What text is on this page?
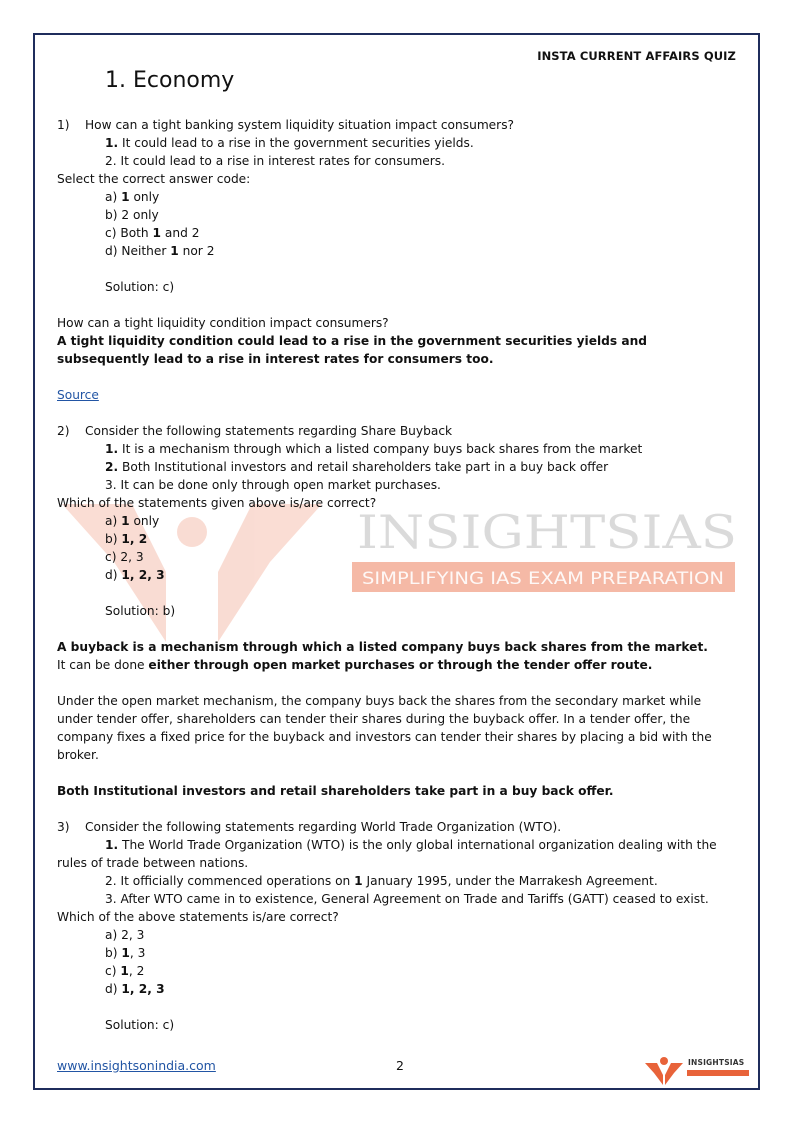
INSTA CURRENT AFFAIRS QUIZ
1. Economy
INSIGHTSIAS
SIMPLIFYING IAS EXAM PREPARATION

1) How can a tight banking system liquidity situation impact consumers?

1. It could lead to a rise in the government securities yields.

2. It could lead to a rise in interest rates for consumers.

Select the correct answer code:

a) 1 only

b) 2 only

c) Both 1 and 2

d) Neither 1 nor 2

Solution: c)

How can a tight liquidity condition impact consumers?

A tight liquidity condition could lead to a rise in the government securities yields and subsequently lead to a rise in interest rates for consumers too.

Source

2) Consider the following statements regarding Share Buyback

1. It is a mechanism through which a listed company buys back shares from the market

2. Both Institutional investors and retail shareholders take part in a buy back offer

3. It can be done only through open market purchases.

Which of the statements given above is/are correct?

a) 1 only

b) 1, 2

c) 2, 3

d) 1, 2, 3

Solution: b)

A buyback is a mechanism through which a listed company buys back shares from the market.

It can be done either through open market purchases or through the tender offer route.

Under the open market mechanism, the company buys back the shares from the secondary market while under tender offer, shareholders can tender their shares during the buyback offer. In a tender offer, the company fixes a fixed price for the buyback and investors can tender their shares by placing a bid with the broker.

Both Institutional investors and retail shareholders take part in a buy back offer.

3) Consider the following statements regarding World Trade Organization (WTO).

1. The World Trade Organization (WTO) is the only global international organization dealing with the rules of trade between nations.

2. It officially commenced operations on 1 January 1995, under the Marrakesh Agreement.

3. After WTO came in to existence, General Agreement on Trade and Tariffs (GATT) ceased to exist.

Which of the above statements is/are correct?

a) 2, 3

b) 1, 3

c) 1, 2

d) 1, 2, 3

Solution: c)

www.insightsonindia.com	2	INSIGHTSIAS
